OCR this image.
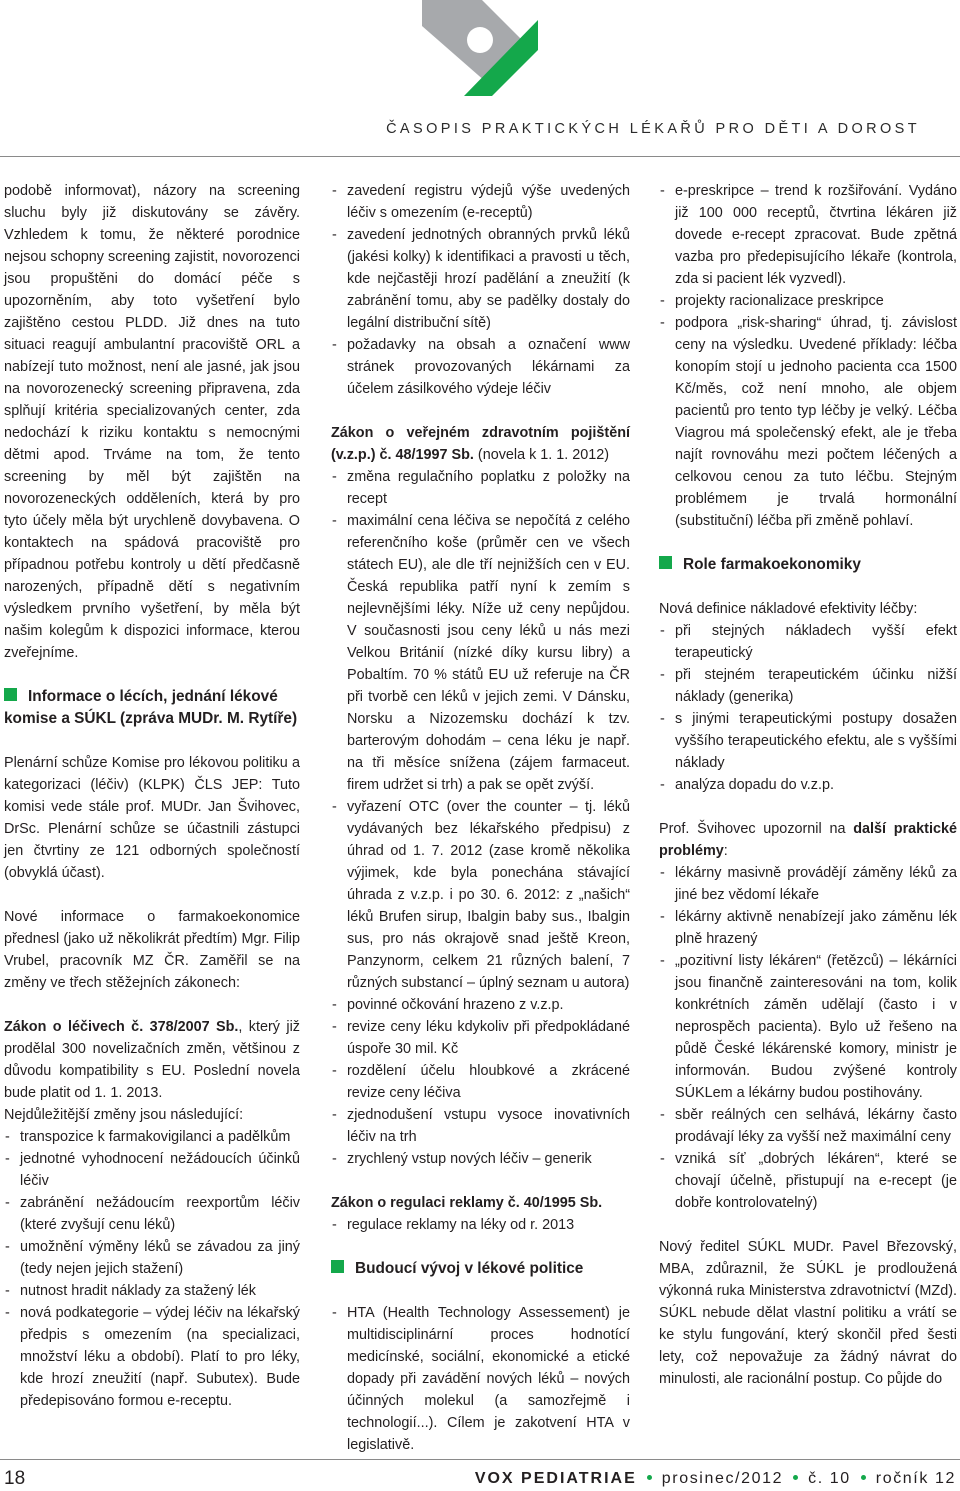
ČASOPIS PRAKTICKÝCH LÉKAŘŮ PRO DĚTI A DOROST

podobě informovat), názory na screening sluchu byly již diskutovány se závěry. Vzhledem k tomu, že některé porodnice nejsou schopny screening zajistit, novorozenci jsou propuštěni do domácí péče s upozorněním, aby toto vyšetření bylo zajištěno cestou PLDD. Již dnes na tuto situaci reagují ambulantní pracoviště ORL a nabízejí tuto možnost, není ale jasné, jak jsou na novorozenecký screening připravena, zda splňují kritéria specializovaných center, zda nedochází k riziku kontaktu s nemocnými dětmi apod. Trváme na tom, že tento screening by měl být zajištěn na novorozeneckých odděleních, která by pro tyto účely měla být urychleně dovybavena. O kontaktech na spádová pracoviště pro případnou potřebu kontroly u dětí předčasně narozených, případně dětí s negativním výsledkem prvního vyšetření, by měla být našim kolegům k dispozici informace, kterou zveřejníme.

Informace o lécích, jednání lékové komise a SÚKL (zpráva MUDr. M. Rytíře)

Plenární schůze Komise pro lékovou politiku a kategorizaci (léčiv) (KLPK) ČLS JEP: Tuto komisi vede stále prof. MUDr. Jan Švihovec, DrSc. Plenární schůze se účastnili zástupci jen čtvrtiny ze 121 odborných společností (obvyklá účast).

Nové informace o farmakoekonomice přednesl (jako už několikrát předtím) Mgr. Filip Vrubel, pracovník MZ ČR. Zaměřil se na změny ve třech stěžejních zákonech:

Zákon o léčivech č. 378/2007 Sb., který již prodělal 300 novelizačních změn, většinou z důvodu kompatibility s EU. Poslední novela bude platit od 1. 1. 2013.

Nejdůležitější změny jsou následující:

- transpozice k farmakovigilanci a padělkům
- jednotné vyhodnocení nežádoucích účinků léčiv
- zabránění nežádoucím reexportům léčiv (které zvyšují cenu léků)
- umožnění výměny léků se závadou za jiný (tedy nejen jejich stažení)
- nutnost hradit náklady za stažený lék
- nová podkategorie – výdej léčiv na lékařský předpis s omezením (na specializaci, množství léku a období). Platí to pro léky, kde hrozí zneužití (např. Subutex). Bude předepisováno formou e-receptu.
- zavedení registru výdejů výše uvedených léčiv s omezením (e-receptů)
- zavedení jednotných obranných prvků léků (jakési kolky) k identifikaci a pravosti u těch, kde nejčastěji hrozí padělání a zneužití (k zabránění tomu, aby se padělky dostaly do legální distribuční sítě)
- požadavky na obsah a označení www stránek provozovaných lékárnami za účelem zásilkového výdeje léčiv

Zákon o veřejném zdravotním pojištění (v.z.p.) č. 48/1997 Sb. (novela k 1. 1. 2012)

- změna regulačního poplatku z položky na recept
- maximální cena léčiva se nepočítá z celého referenčního koše (průměr cen ve všech státech EU), ale dle tří nejnižších cen v EU. Česká republika patří nyní k zemím s nejlevnějšími léky. Níže už ceny nepůjdou. V současnosti jsou ceny léků u nás mezi Velkou Británií (nízké díky kursu libry) a Pobaltím. 70 % států EU už referuje na ČR při tvorbě cen léků v jejich zemi. V Dánsku, Norsku a Nizozemsku dochází k tzv. barterovým dohodám – cena léku je např. na tři měsíce snížena (zájem farmaceut. firem udržet si trh) a pak se opět zvýší.
- vyřazení OTC (over the counter – tj. léků vydávaných bez lékařského předpisu) z úhrad od 1. 7. 2012 (zase kromě několika výjimek, kde byla ponechána stávající úhrada z v.z.p. i po 30. 6. 2012: z „našich“ léků Brufen sirup, Ibalgin baby sus., Ibalgin sus, pro nás okrajově snad ještě Kreon, Panzynorm, celkem 21 různých balení, 7 různých substancí – úplný seznam u autora)
- povinné očkování hrazeno z v.z.p.
- revize ceny léku kdykoliv při předpokládané úspoře 30 mil. Kč
- rozdělení účelu hloubkové a zkrácené revize ceny léčiva
- zjednodušení vstupu vysoce inovativních léčiv na trh
- zrychlený vstup nových léčiv – generik
Zákon o regulaci reklamy č. 40/1995 Sb.
- regulace reklamy na léky od r. 2013
Budoucí vývoj v lékové politice
- HTA (Health Technology Assessement) je multidisciplinární proces hodnotící medicínské, sociální, ekonomické a etické dopady při zavádění nových léků – nových účinných molekul (a samozřejmě i technologií...). Cílem je zakotvení HTA v legislativě.
- e-preskripce – trend k rozšiřování. Vydáno již 100 000 receptů, čtvrtina lékáren již dovede e-recept zpracovat. Bude zpětná vazba pro předepisujícího lékaře (kontrola, zda si pacient lék vyzvedl).
- projekty racionalizace preskripce
- podpora „risk-sharing“ úhrad, tj. závislost ceny na výsledku. Uvedené příklady: léčba konopím stojí u jednoho pacienta cca 1500 Kč/měs, což není mnoho, ale objem pacientů pro tento typ léčby je velký. Léčba Viagrou má společenský efekt, ale je třeba najít rovnováhu mezi počtem léčených a celkovou cenou za tuto léčbu. Stejným problémem je trvalá hormonální (substituční) léčba při změně pohlaví.
Role farmakoekonomiky

Nová definice nákladové efektivity léčby:

- při stejných nákladech vyšší efekt terapeutický
- při stejném terapeutickém účinku nižší náklady (generika)
- s jinými terapeutickými postupy dosažen vyššího terapeutického efektu, ale s vyššími náklady
- analýza dopadu do v.z.p.

Prof. Švihovec upozornil na další praktické problémy:

- lékárny masivně provádějí záměny léků za jiné bez vědomí lékaře
- lékárny aktivně nenabízejí jako záměnu lék plně hrazený
- „pozitivní listy lékáren“ (řetězců) – lékárníci jsou finančně zainteresováni na tom, kolik konkrétních záměn udělají (často i v neprospěch pacienta). Bylo už řešeno na půdě České lékárenské komory, ministr je informován. Budou zvýšené kontroly SÚKLem a lékárny budou postihovány.
- sběr reálných cen selhává, lékárny často prodávají léky za vyšší než maximální ceny
- vzniká síť „dobrých lékáren“, které se chovají účelně, přistupují na e-recept (je dobře kontrolovatelný)

Nový ředitel SÚKL MUDr. Pavel Březovský, MBA, zdůraznil, že SÚKL je prodloužená výkonná ruka Ministerstva zdravotnictví (MZd). SÚKL nebude dělat vlastní politiku a vrátí se ke stylu fungování, který skončil před šesti lety, což nepovažuje za žádný návrat do minulosti, ale racionální postup. Co půjde do

18	VOX PEDIATRIAE prosinec/2012 č. 10 ročník 12
